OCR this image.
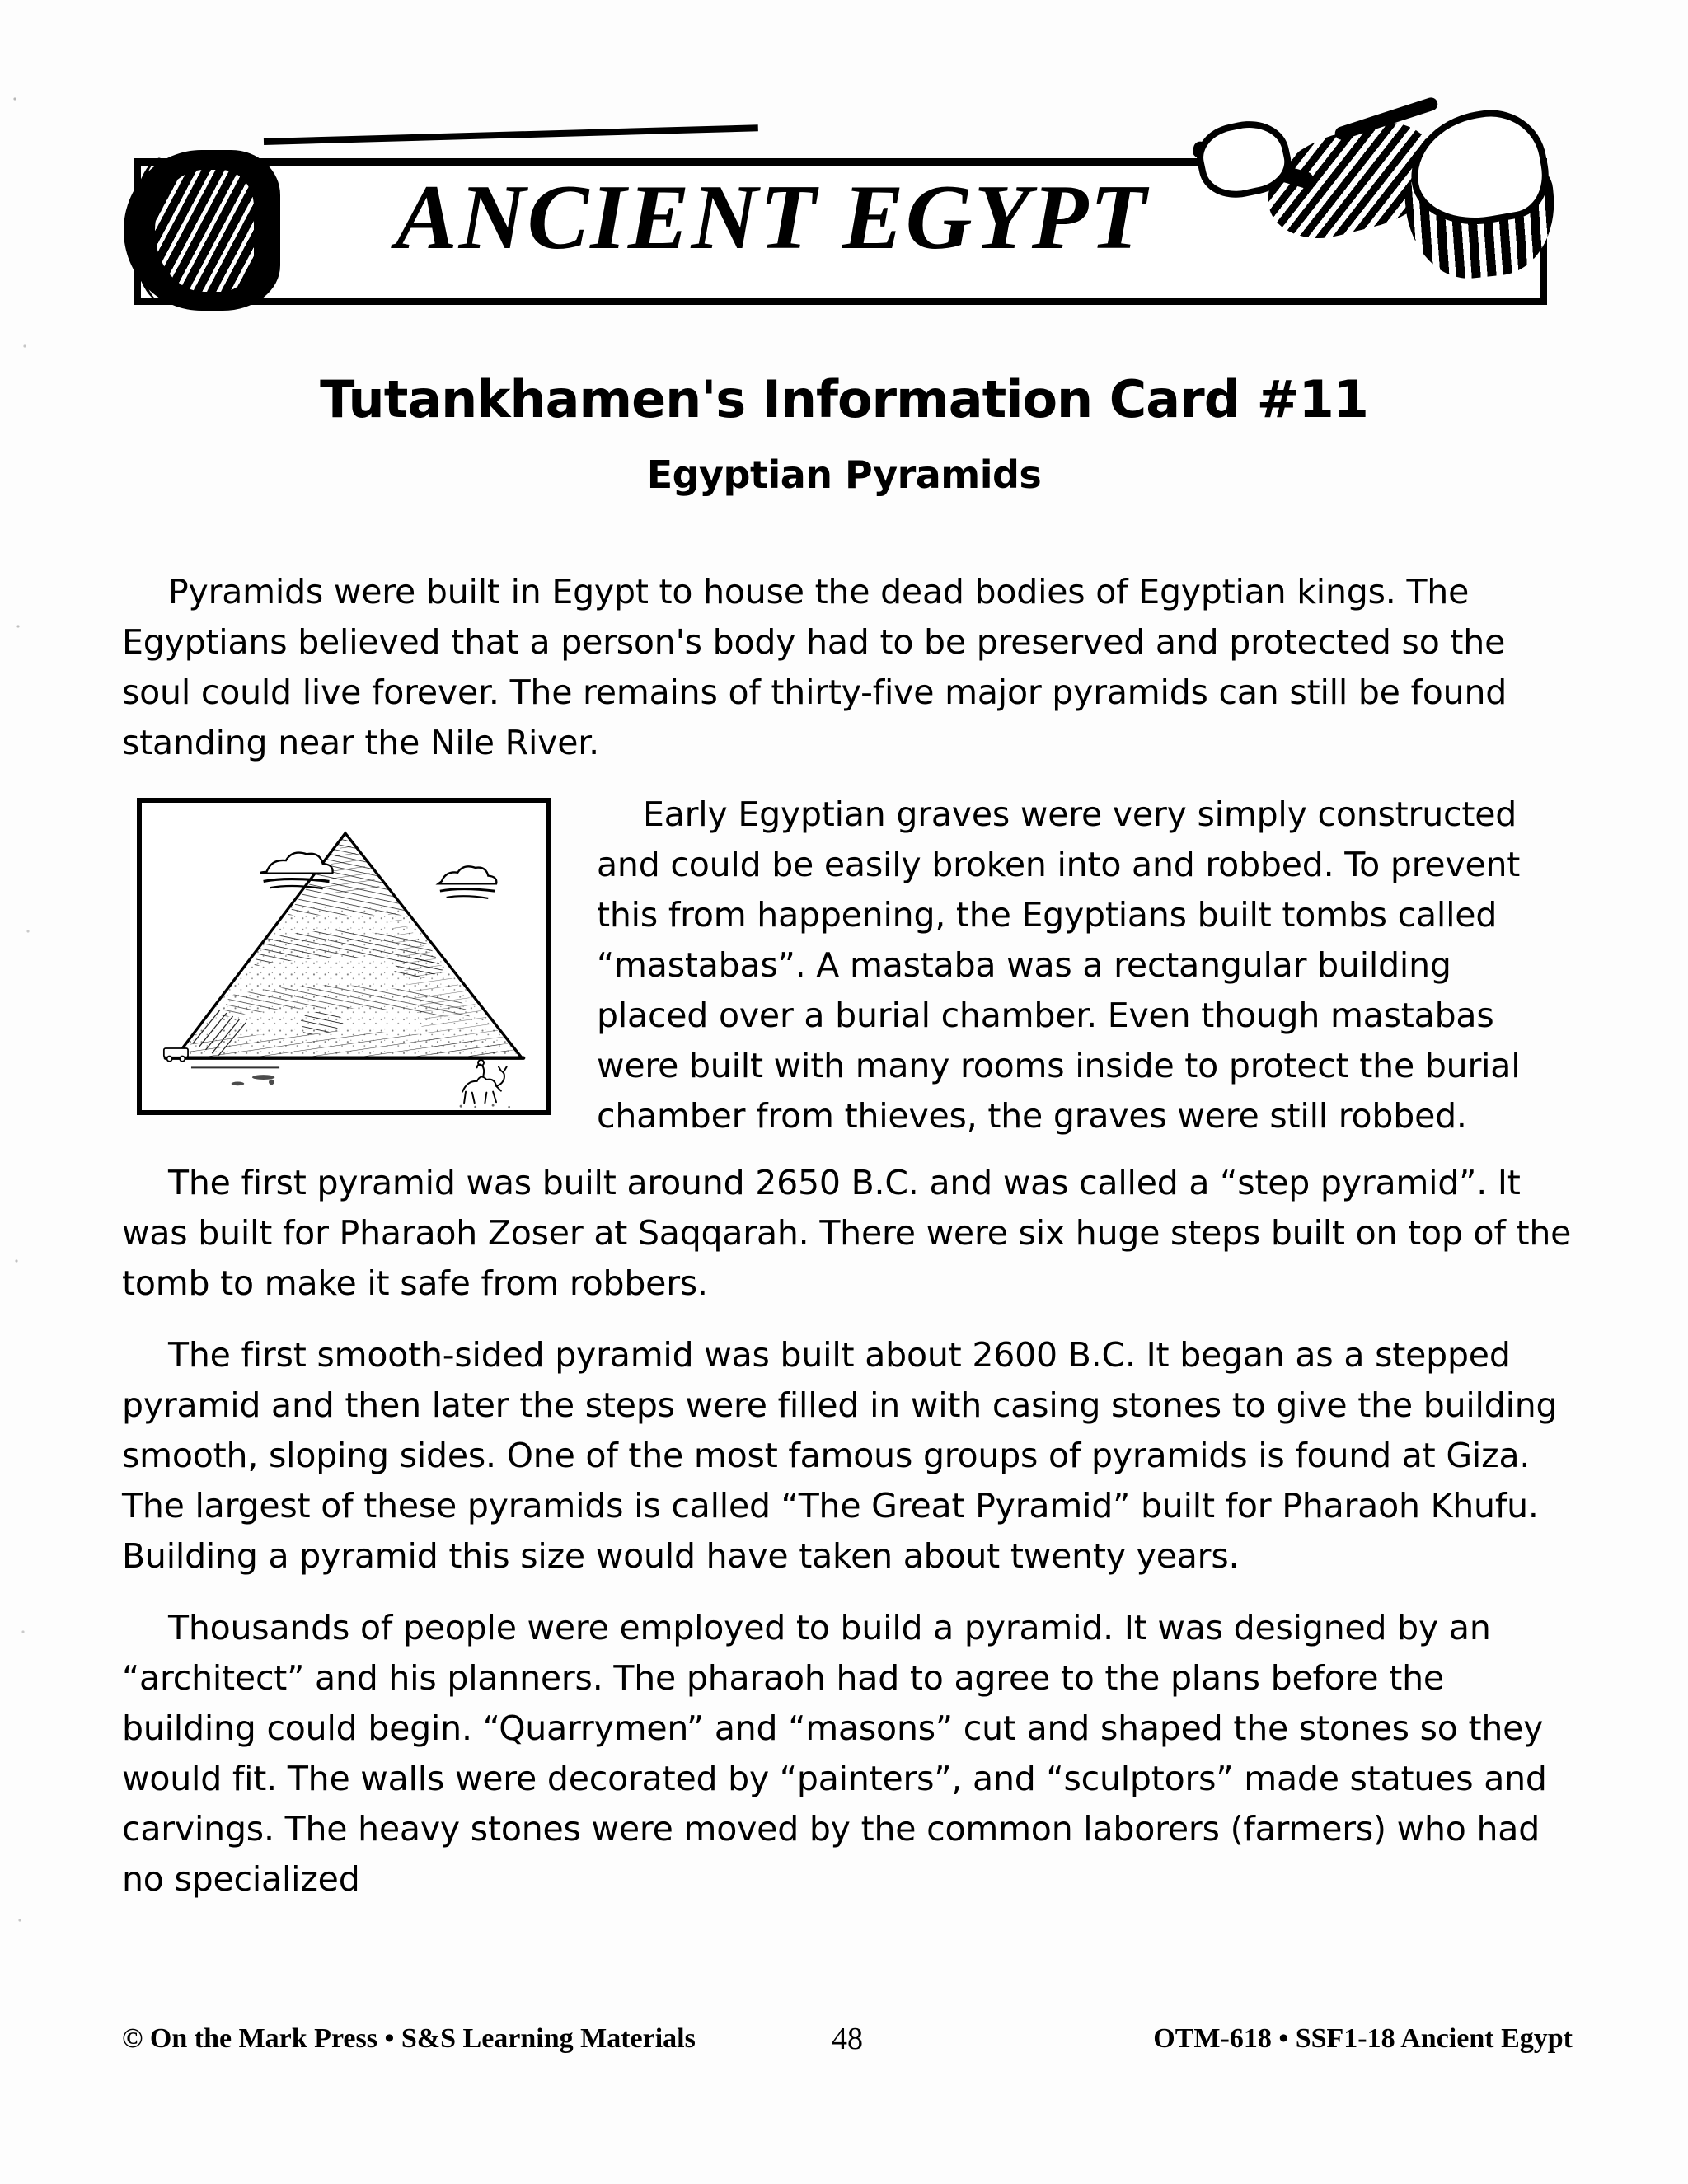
ANCIENT EGYPT
Tutankhamen's Information Card #11
Egyptian Pyramids

Pyramids were built in Egypt to house the dead bodies of Egyptian kings. The Egyptians believed that a person's body had to be preserved and protected so the soul could live forever. The remains of thirty-five major pyramids can still be found standing near the Nile River.

Early Egyptian graves were very simply constructed and could be easily broken into and robbed. To prevent this from happening, the Egyptians built tombs called “mastabas”. A mastaba was a rectangular building placed over a burial chamber. Even though mastabas were built with many rooms inside to protect the burial chamber from thieves, the graves were still robbed.

The first pyramid was built around 2650 B.C. and was called a “step pyramid”. It was built for Pharaoh Zoser at Saqqarah. There were six huge steps built on top of the tomb to make it safe from robbers.

The first smooth-sided pyramid was built about 2600 B.C. It began as a stepped pyramid and then later the steps were filled in with casing stones to give the building smooth, sloping sides. One of the most famous groups of pyramids is found at Giza. The largest of these pyramids is called “The Great Pyramid” built for Pharaoh Khufu. Building a pyramid this size would have taken about twenty years.

Thousands of people were employed to build a pyramid. It was designed by an “architect” and his planners. The pharaoh had to agree to the plans before the building could begin. “Quarrymen” and “masons” cut and shaped the stones so they would fit. The walls were decorated by “painters”, and “sculptors” made statues and carvings. The heavy stones were moved by the common laborers (farmers) who had no specialized

© On the Mark Press • S&S Learning Materials	48	OTM-618 • SSF1-18 Ancient Egypt
